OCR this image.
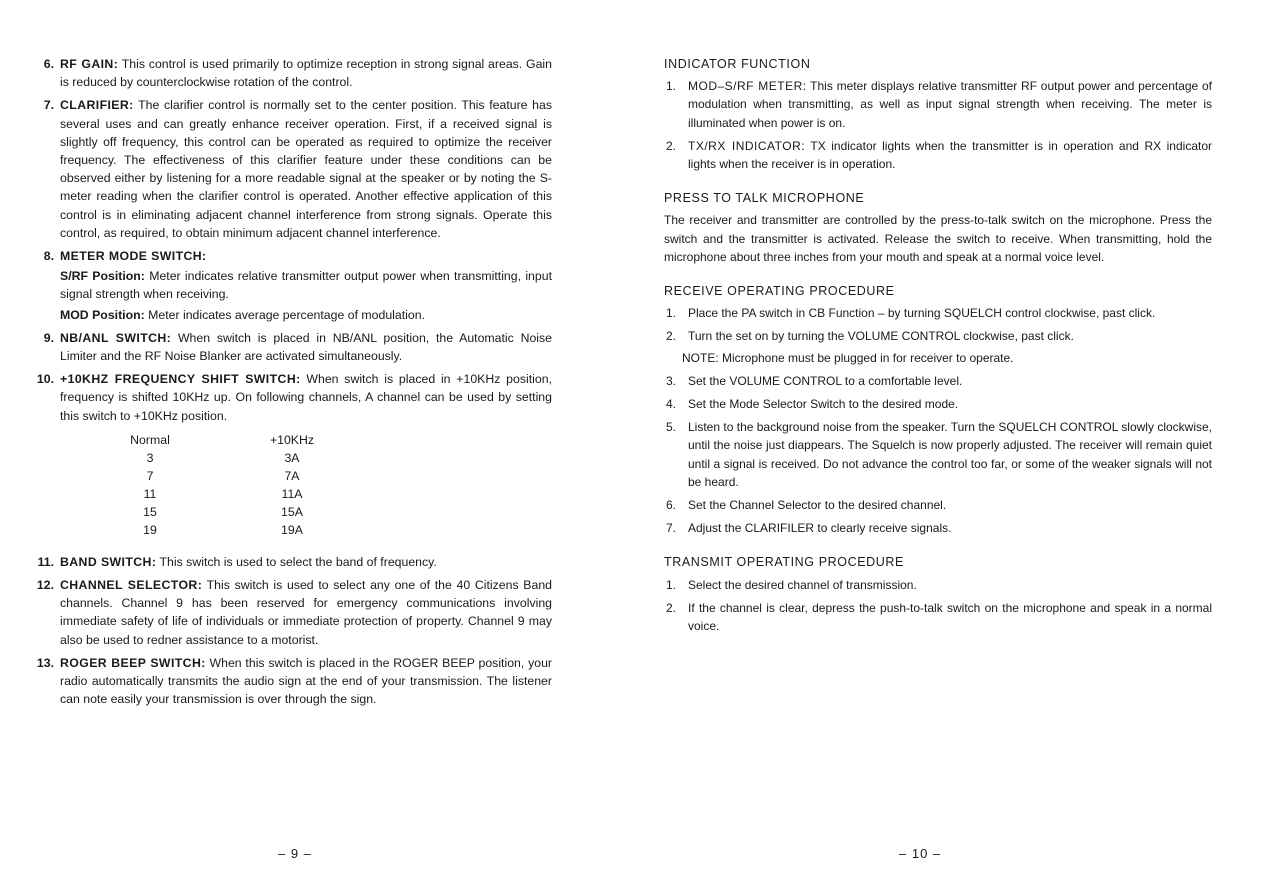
6. RF GAIN: This control is used primarily to optimize reception in strong signal areas. Gain is reduced by counterclockwise rotation of the control.
7. CLARIFIER: The clarifier control is normally set to the center position. This feature has several uses and can greatly enhance receiver operation. First, if a received signal is slightly off frequency, this control can be operated as required to optimize the receiver frequency. The effectiveness of this clarifier feature under these conditions can be observed either by listening for a more readable signal at the speaker or by noting the S-meter reading when the clarifier control is operated. Another effective application of this control is in eliminating adjacent channel interference from strong signals. Operate this control, as required, to obtain minimum adjacent channel interference.
8. METER MODE SWITCH:

S/RF Position: Meter indicates relative transmitter output power when transmitting, input signal strength when receiving.

MOD Position: Meter indicates average percentage of modulation.

9. NB/ANL SWITCH: When switch is placed in NB/ANL position, the Automatic Noise Limiter and the RF Noise Blanker are activated simultaneously.
10. +10KHZ FREQUENCY SHIFT SWITCH: When switch is placed in +10KHz position, frequency is shifted 10KHz up. On following channels, A channel can be used by setting this switch to +10KHz position.
Normal		+10KHz
3		3A
7		7A
11		11A
15		15A
19		19A
11. BAND SWITCH: This switch is used to select the band of frequency.
12. CHANNEL SELECTOR: This switch is used to select any one of the 40 Citizens Band channels. Channel 9 has been reserved for emergency communications involving immediate safety of life of individuals or immediate protection of property. Channel 9 may also be used to redner assistance to a motorist.
13. ROGER BEEP SWITCH: When this switch is placed in the ROGER BEEP position, your radio automatically transmits the audio sign at the end of your transmission. The listener can note easily your transmission is over through the sign.
– 9 –
INDICATOR FUNCTION
1.	MOD–S/RF METER: This meter displays relative transmitter RF output power and percentage of modulation when transmitting, as well as input signal strength when receiving. The meter is illuminated when power is on.
2.	TX/RX INDICATOR: TX indicator lights when the transmitter is in operation and RX indicator lights when the receiver is in operation.
PRESS TO TALK MICROPHONE

The receiver and transmitter are controlled by the press-to-talk switch on the microphone. Press the switch and the transmitter is activated. Release the switch to receive. When transmitting, hold the microphone about three inches from your mouth and speak at a normal voice level.

RECEIVE OPERATING PROCEDURE
1.	Place the PA switch in CB Function – by turning SQUELCH control clockwise, past click.
2.	Turn the set on by turning the VOLUME CONTROL clockwise, past click.

NOTE: Microphone must be plugged in for receiver to operate.

3.	Set the VOLUME CONTROL to a comfortable level.
4.	Set the Mode Selector Switch to the desired mode.
5.	Listen to the background noise from the speaker. Turn the SQUELCH CONTROL slowly clockwise, until the noise just diappears. The Squelch is now properly adjusted. The receiver will remain quiet until a signal is received. Do not advance the control too far, or some of the weaker signals will not be heard.
6.	Set the Channel Selector to the desired channel.
7.	Adjust the CLARIFILER to clearly receive signals.
TRANSMIT OPERATING PROCEDURE
1.	Select the desired channel of transmission.
2.	If the channel is clear, depress the push-to-talk switch on the microphone and speak in a normal voice.
– 10 –
